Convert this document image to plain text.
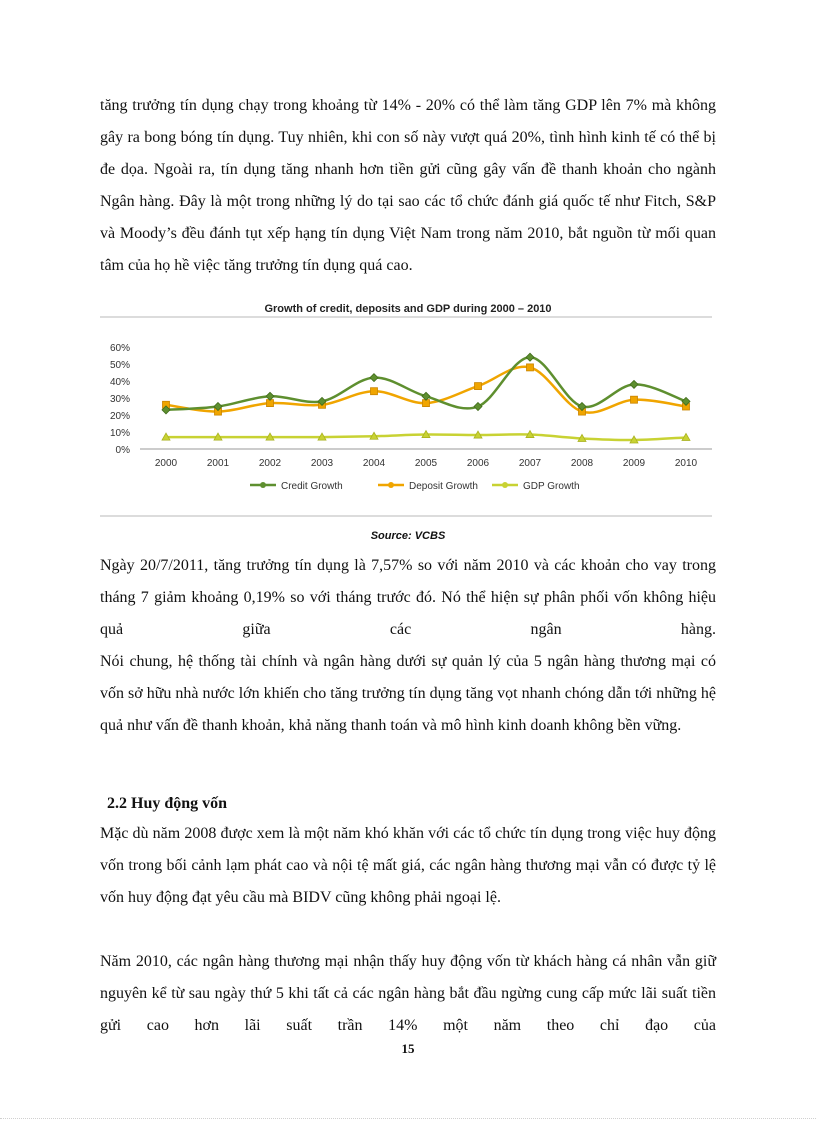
tăng trưởng tín dụng chạy trong khoảng từ 14% - 20% có thể làm tăng GDP lên 7% mà không gây ra bong bóng tín dụng. Tuy nhiên, khi con số này vượt quá 20%, tình hình kinh tế có thể bị đe dọa. Ngoài ra, tín dụng tăng nhanh hơn tiền gửi cũng gây vấn đề thanh khoản cho ngành Ngân hàng. Đây là một trong những lý do tại sao các tổ chức đánh giá quốc tế như Fitch, S&P và Moody’s đều đánh tụt xếp hạng tín dụng Việt Nam trong năm 2010, bắt nguồn từ mối quan tâm của họ hề việc tăng trưởng tín dụng quá cao.

Growth of credit, deposits and GDP during 2000 – 2010
0%
10%
20%
30%
40%
50%
60%
2000	2001	2002	2003	2004	2005	2006	2007	2008	2009	2010
Credit Growth	Deposit Growth	GDP Growth
Source: VCBS

Ngày 20/7/2011, tăng trưởng tín dụng là 7,57% so với năm 2010 và các khoản cho vay trong tháng 7 giảm khoảng 0,19% so với tháng trước đó. Nó thể hiện sự phân phối vốn không hiệu quả giữa các ngân hàng.

Nói chung, hệ thống tài chính và ngân hàng dưới sự quản lý của 5 ngân hàng thương mại có vốn sở hữu nhà nước lớn khiến cho tăng trưởng tín dụng tăng vọt nhanh chóng dẫn tới những hệ quả như vấn đề thanh khoản, khả năng thanh toán và mô hình kinh doanh không bền vững.

2.2 Huy động vốn

Mặc dù năm 2008 được xem là một năm khó khăn với các tổ chức tín dụng trong việc huy động vốn trong bối cảnh lạm phát cao và nội tệ mất giá, các ngân hàng thương mại vẫn có được tỷ lệ vốn huy động đạt yêu cầu mà BIDV cũng không phải ngoại lệ.

Năm 2010, các ngân hàng thương mại nhận thấy huy động vốn từ khách hàng cá nhân vẫn giữ nguyên kể từ sau ngày thứ 5 khi tất cả các ngân hàng bắt đầu ngừng cung cấp mức lãi suất tiền gửi cao hơn lãi suất trần 14% một năm theo chỉ đạo của

15
